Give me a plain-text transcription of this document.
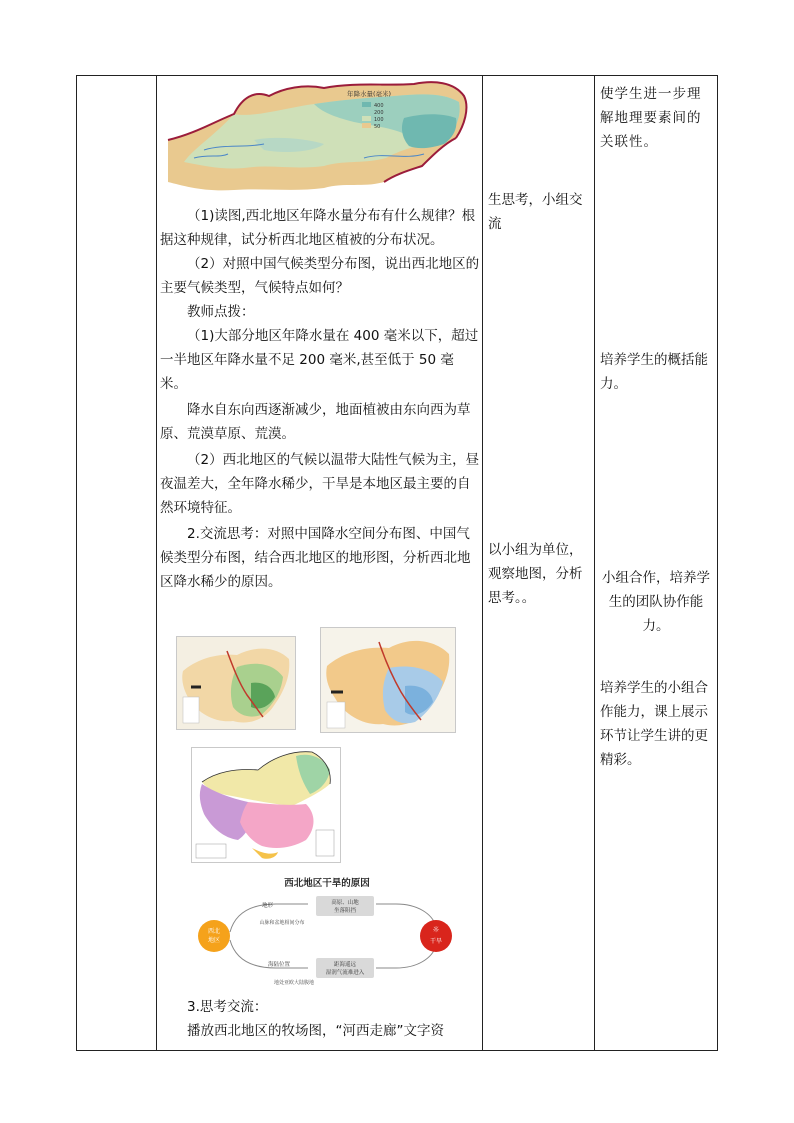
年降水量(毫米)
400
200
100
50

（1)读图,西北地区年降水量分布有什么规律？根据这种规律，试分析西北地区植被的分布状况。

（2）对照中国气候类型分布图，说出西北地区的主要气候类型，气候特点如何？

教师点拨：

（1)大部分地区年降水量在 400 毫米以下，超过一半地区年降水量不足 200 毫米,甚至低于 50 毫米。

降水自东向西逐渐减少，地面植被由东向西为草原、荒漠草原、荒漠。

（2）西北地区的气候以温带大陆性气候为主，昼夜温差大，全年降水稀少，干旱是本地区最主要的自然环境特征。

2.交流思考：对照中国降水空间分布图、中国气候类型分布图，结合西北地区的地形图，分析西北地区降水稀少的原因。

西北地区干旱的原因
西北
地区
☼
干旱
地形	高原、山地
坐落阻挡
山脉和盆地相间分布
海陆位置	距海遥远
湿润气流难进入
地处亚欧大陆腹地

3.思考交流：

播放西北地区的牧场图，“河西走廊”文字资

生思考，小组交流
以小组为单位，观察地图，分析思考。。
使学生进一步理解地理要素间的关联性。
培养学生的概括能力。
小组合作，培养学生的团队协作能力。
培养学生的小组合作能力，课上展示环节让学生讲的更精彩。
